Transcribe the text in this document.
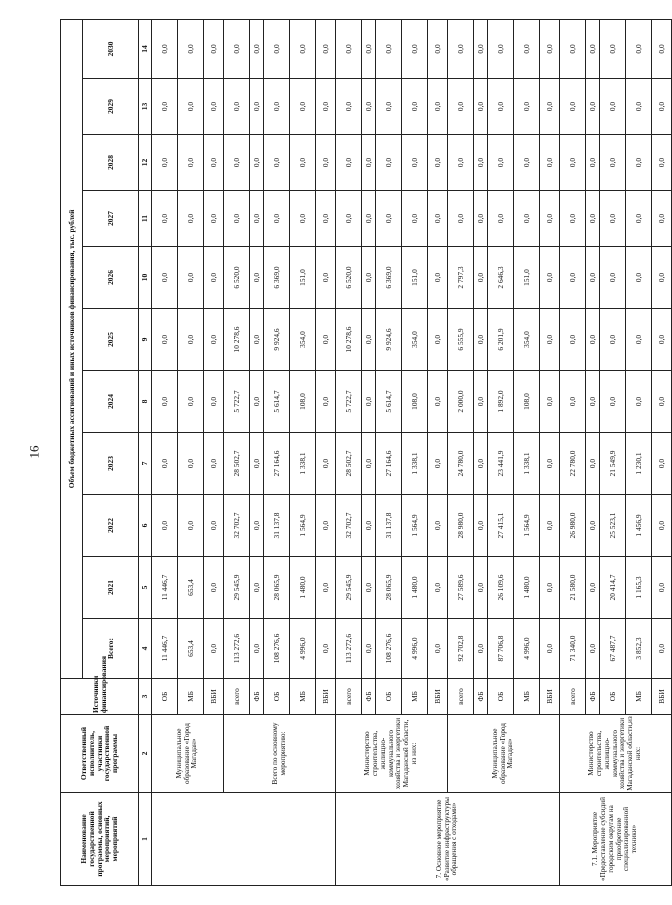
16
Наименование государственной программы, основных мероприятий, мероприятий	Ответственный исполнитель, участники государственной программы	Источники финансирования	Объем бюджетных ассигнований и иных источников финансирования, тыс. рублей										
			Всего:	2021	2022	2023	2024	2025	2026	2027	2028	2029	2030
1	2	3	4	5	6	7	8	9	10	11	12	13	14
	Муниципальное образование «Город Магадан»	ОБ	11 446,7	11 446,7	0,0	0,0	0,0	0,0	0,0	0,0	0,0	0,0	0,0
		МБ	653,4	653,4	0,0	0,0	0,0	0,0	0,0	0,0	0,0	0,0	0,0
		ВБИ	0,0	0,0	0,0	0,0	0,0	0,0	0,0	0,0	0,0	0,0	0,0
	Всего по основному мероприятию:	всего	113 272,6	29 545,9	32 702,7	28 502,7	5 722,7	10 278,6	6 520,0	0,0	0,0	0,0	0,0
		ФБ	0,0	0,0	0,0	0,0	0,0	0,0	0,0	0,0	0,0	0,0	0,0
		ОБ	108 276,6	28 065,9	31 137,8	27 164,6	5 614,7	9 924,6	6 369,0	0,0	0,0	0,0	0,0
		МБ	4 996,0	1 480,0	1 564,9	1 338,1	108,0	354,0	151,0	0,0	0,0	0,0	0,0
		ВБИ	0,0	0,0	0,0	0,0	0,0	0,0	0,0	0,0	0,0	0,0	0,0
7. Основное мероприятие «Развитие инфраструктуры обращения с отходами»	Министерство строительства, жилищно-коммунального хозяйства и энергетики Магаданской области, из них:	всего	113 272,6	29 545,9	32 702,7	28 502,7	5 722,7	10 278,6	6 520,0	0,0	0,0	0,0	0,0
		ФБ	0,0	0,0	0,0	0,0	0,0	0,0	0,0	0,0	0,0	0,0	0,0
		ОБ	108 276,6	28 065,9	31 137,8	27 164,6	5 614,7	9 924,6	6 369,0	0,0	0,0	0,0	0,0
		МБ	4 996,0	1 480,0	1 564,9	1 338,1	108,0	354,0	151,0	0,0	0,0	0,0	0,0
		ВБИ	0,0	0,0	0,0	0,0	0,0	0,0	0,0	0,0	0,0	0,0	0,0
	Муниципальное образование «Город Магадан»	всего	92 702,8	27 589,6	28 980,0	24 780,0	2 000,0	6 555,9	2 797,3	0,0	0,0	0,0	0,0
		ФБ	0,0	0,0	0,0	0,0	0,0	0,0	0,0	0,0	0,0	0,0	0,0
		ОБ	87 706,8	26 109,6	27 415,1	23 441,9	1 892,0	6 201,9	2 646,3	0,0	0,0	0,0	0,0
		МБ	4 996,0	1 480,0	1 564,9	1 338,1	108,0	354,0	151,0	0,0	0,0	0,0	0,0
		ВБИ	0,0	0,0	0,0	0,0	0,0	0,0	0,0	0,0	0,0	0,0	0,0
7.1. Мероприятие «Предоставление субсидий городским округам на приобретение специализированной техники»	Министерство строительства, жилищно-коммунального хозяйства и энергетики Магаданской области,из них:	всего	71 340,0	21 580,0	26 980,0	22 780,0	0,0	0,0	0,0	0,0	0,0	0,0	0,0
		ФБ	0,0	0,0	0,0	0,0	0,0	0,0	0,0	0,0	0,0	0,0	0,0
		ОБ	67 487,7	20 414,7	25 523,1	21 549,9	0,0	0,0	0,0	0,0	0,0	0,0	0,0
		МБ	3 852,3	1 165,3	1 456,9	1 230,1	0,0	0,0	0,0	0,0	0,0	0,0	0,0
		ВБИ	0,0	0,0	0,0	0,0	0,0	0,0	0,0	0,0	0,0	0,0	0,0
